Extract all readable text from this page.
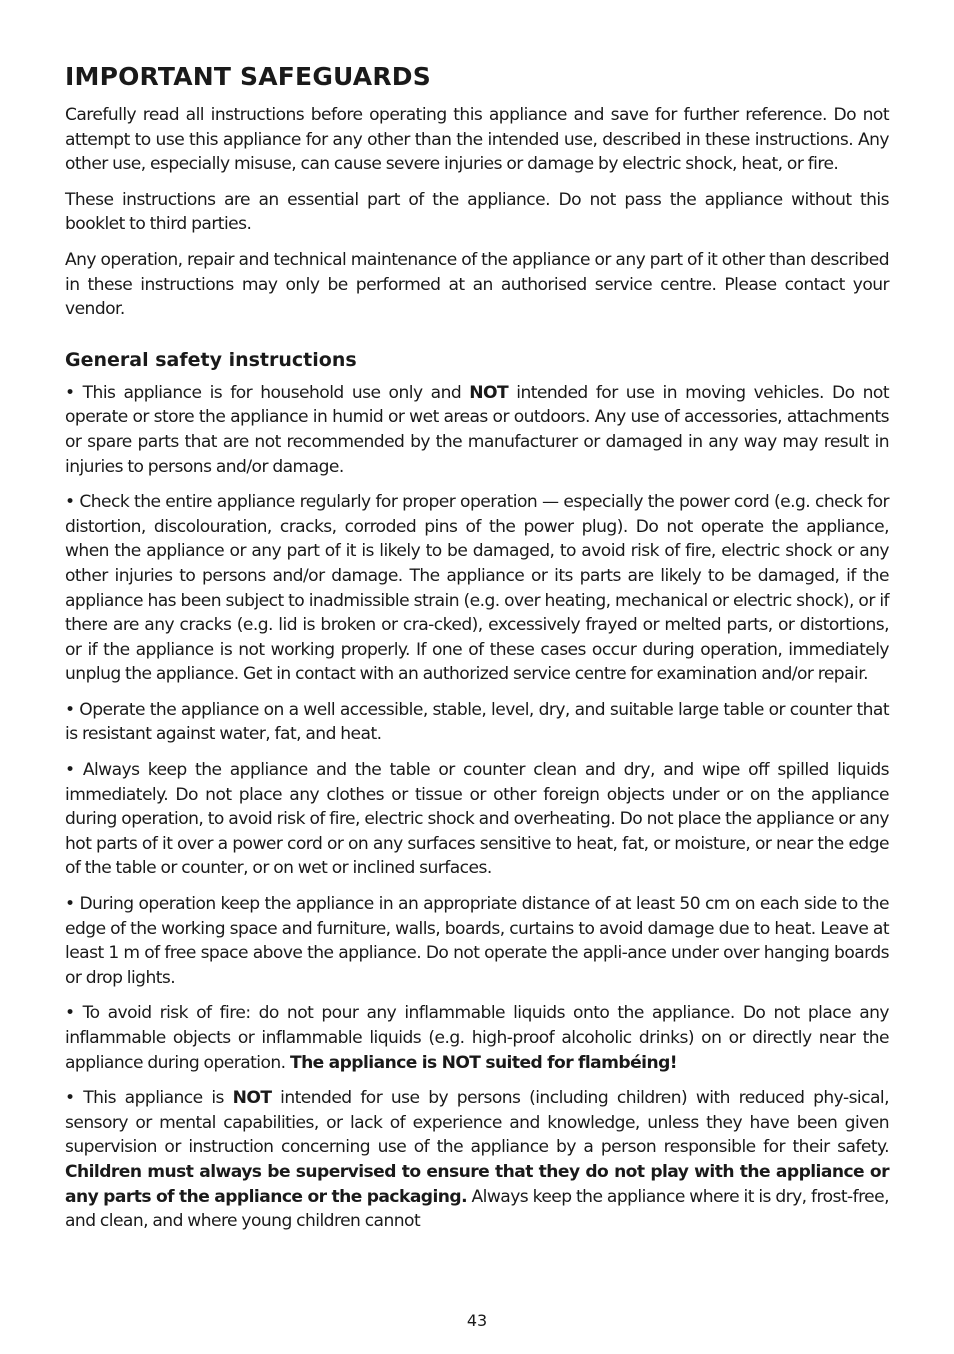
IMPORTANT SAFEGUARDS

Carefully read all instructions before operating this appliance and save for further reference. Do not attempt to use this appliance for any other than the intended use, described in these instructions. Any other use, especially misuse, can cause severe injuries or damage by electric shock, heat, or fire.

These instructions are an essential part of the appliance. Do not pass the appliance without this booklet to third parties.

Any operation, repair and technical maintenance of the appliance or any part of it other than described in these instructions may only be performed at an authorised service centre. Please contact your vendor.

General safety instructions

• This appliance is for household use only and NOT intended for use in moving vehicles. Do not operate or store the appliance in humid or wet areas or outdoors. Any use of accessories, attachments or spare parts that are not recommended by the manufacturer or damaged in any way may result in injuries to persons and/or damage.

• Check the entire appliance regularly for proper operation — especially the power cord (e.g. check for distortion, discolouration, cracks, corroded pins of the power plug). Do not operate the appliance, when the appliance or any part of it is likely to be damaged, to avoid risk of fire, electric shock or any other injuries to persons and/or damage. The appliance or its parts are likely to be damaged, if the appliance has been subject to inadmissible strain (e.g. over heating, mechanical or electric shock), or if there are any cracks (e.g. lid is broken or cra-cked), excessively frayed or melted parts, or distortions, or if the appliance is not working properly. If one of these cases occur during operation, immediately unplug the appliance. Get in contact with an authorized service centre for examination and/or repair.

• Operate the appliance on a well accessible, stable, level, dry, and suitable large table or counter that is resistant against water, fat, and heat.

• Always keep the appliance and the table or counter clean and dry, and wipe off spilled liquids immediately. Do not place any clothes or tissue or other foreign objects under or on the appliance during operation, to avoid risk of fire, electric shock and overheating. Do not place the appliance or any hot parts of it over a power cord or on any surfaces sensitive to heat, fat, or moisture, or near the edge of the table or counter, or on wet or inclined surfaces.

• During operation keep the appliance in an appropriate distance of at least 50 cm on each side to the edge of the working space and furniture, walls, boards, curtains to avoid damage due to heat. Leave at least 1 m of free space above the appliance. Do not operate the appli-ance under over hanging boards or drop lights.

• To avoid risk of fire: do not pour any inflammable liquids onto the appliance. Do not place any inflammable objects or inflammable liquids (e.g. high-proof alcoholic drinks) on or directly near the appliance during operation. The appliance is NOT suited for flambéing!

• This appliance is NOT intended for use by persons (including children) with reduced phy-sical, sensory or mental capabilities, or lack of experience and knowledge, unless they have been given supervision or instruction concerning use of the appliance by a person responsible for their safety. Children must always be supervised to ensure that they do not play with the appliance or any parts of the appliance or the packaging. Always keep the appliance where it is dry, frost-free, and clean, and where young children cannot

43
